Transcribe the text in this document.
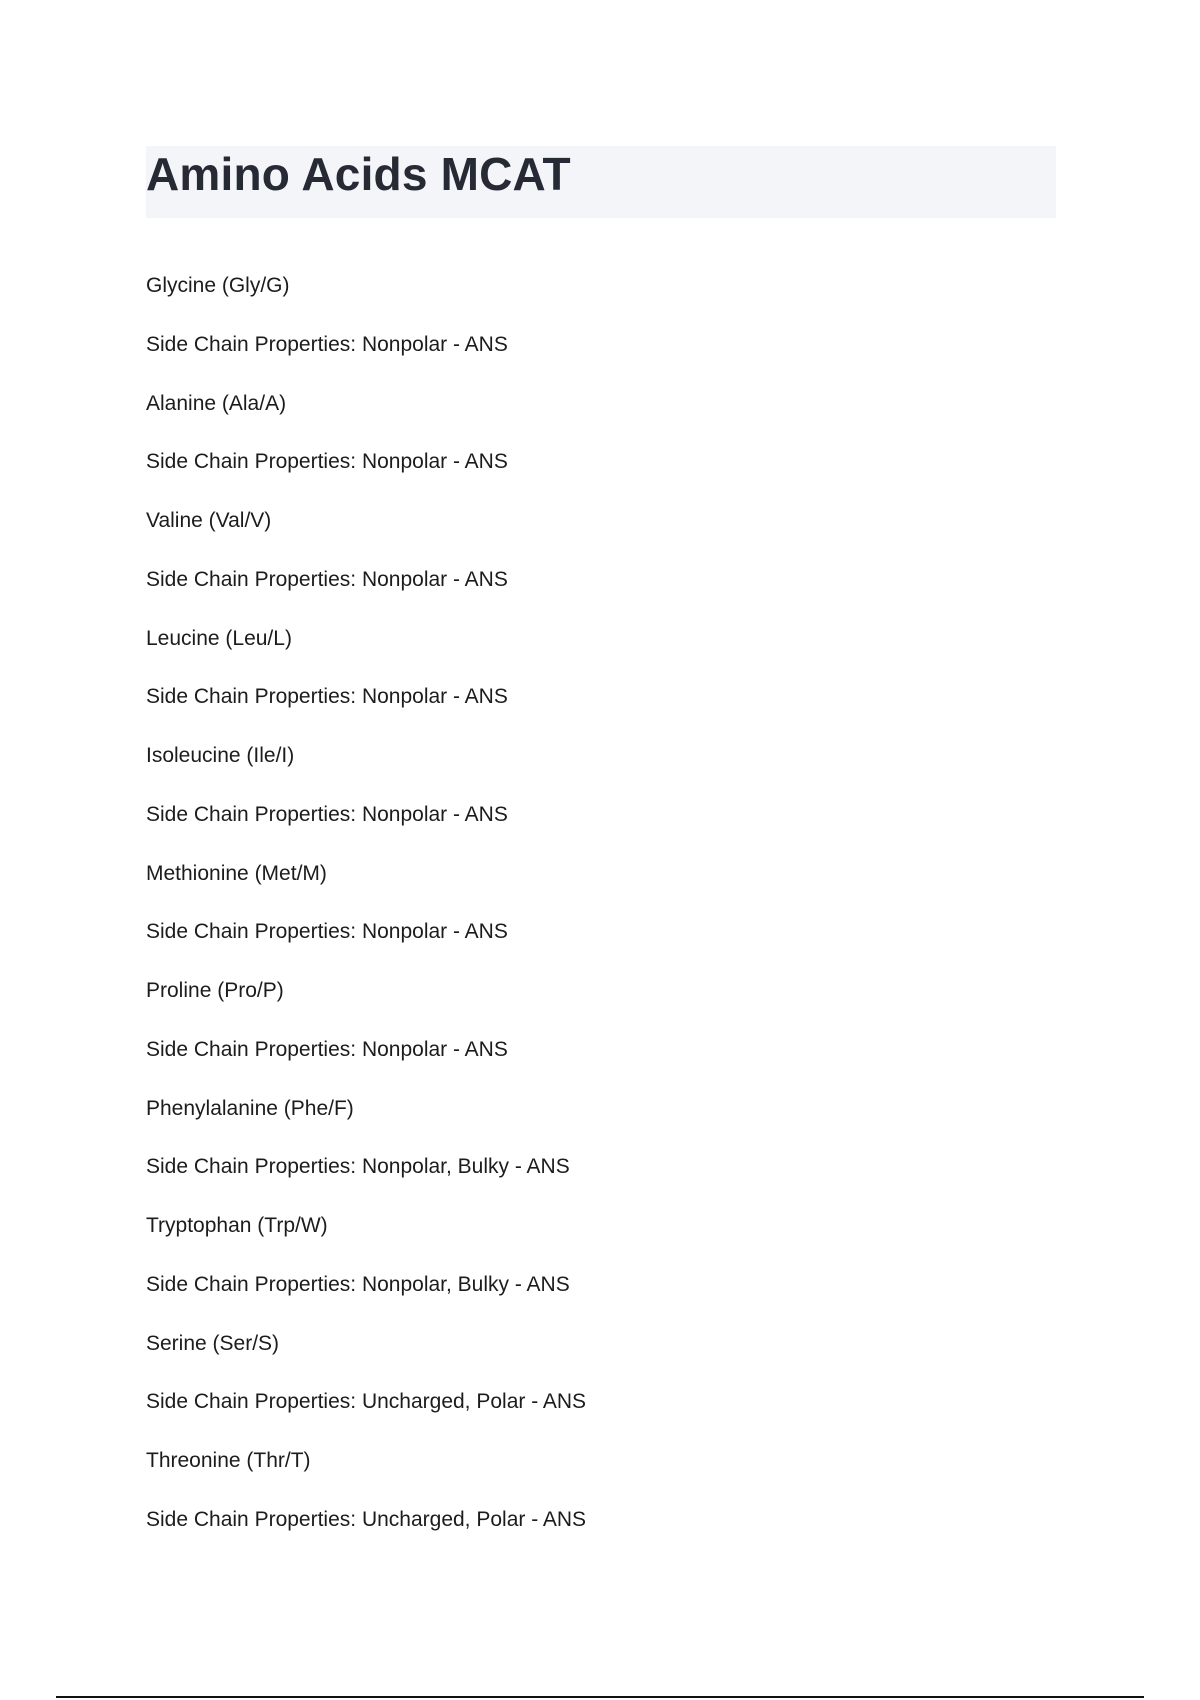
Amino Acids MCAT
Glycine (Gly/G)
Side Chain Properties: Nonpolar - ANS
Alanine (Ala/A)
Side Chain Properties: Nonpolar - ANS
Valine (Val/V)
Side Chain Properties: Nonpolar - ANS
Leucine (Leu/L)
Side Chain Properties: Nonpolar - ANS
Isoleucine (Ile/I)
Side Chain Properties: Nonpolar - ANS
Methionine (Met/M)
Side Chain Properties: Nonpolar - ANS
Proline (Pro/P)
Side Chain Properties: Nonpolar - ANS
Phenylalanine (Phe/F)
Side Chain Properties: Nonpolar, Bulky - ANS
Tryptophan (Trp/W)
Side Chain Properties: Nonpolar, Bulky - ANS
Serine (Ser/S)
Side Chain Properties: Uncharged, Polar - ANS
Threonine (Thr/T)
Side Chain Properties: Uncharged, Polar - ANS
